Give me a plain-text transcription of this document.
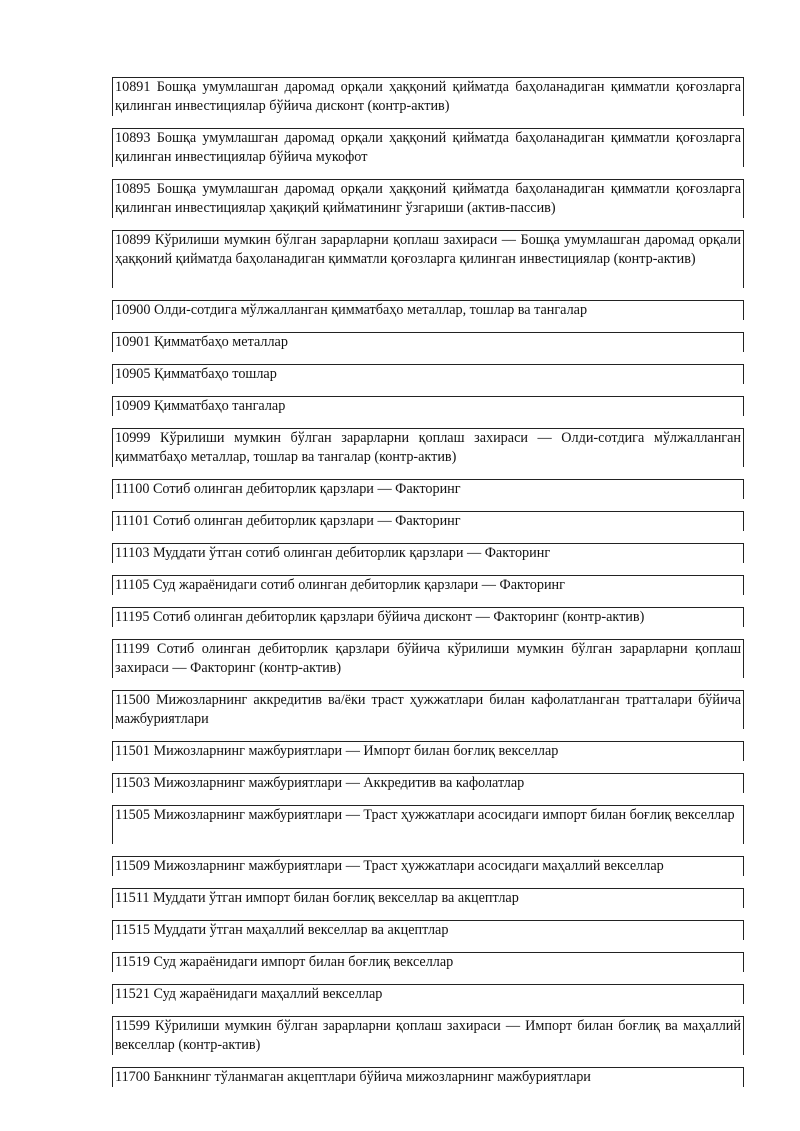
10891 Бошқа умумлашган даромад орқали ҳаққоний қийматда баҳоланадиган қимматли қоғозларга қилинган инвестициялар бўйича дисконт (контр-актив)
10893 Бошқа умумлашган даромад орқали ҳаққоний қийматда баҳоланадиган қимматли қоғозларга қилинган инвестициялар бўйича мукофот
10895 Бошқа умумлашган даромад орқали ҳаққоний қийматда баҳоланадиган қимматли қоғозларга қилинган инвестициялар ҳақиқий қийматининг ўзгариши (актив-пассив)
10899 Кўрилиши мумкин бўлган зарарларни қоплаш захираси — Бошқа умумлашган даромад орқали ҳаққоний қийматда баҳоланадиган қимматли қоғозларга қилинган инвестициялар (контр-актив)
10900 Олди-сотдига мўлжалланган қимматбаҳо металлар, тошлар ва тангалар
10901 Қимматбаҳо металлар
10905 Қимматбаҳо тошлар
10909 Қимматбаҳо тангалар
10999 Кўрилиши мумкин бўлган зарарларни қоплаш захираси — Олди-сотдига мўлжалланган қимматбаҳо металлар, тошлар ва тангалар (контр-актив)
11100 Сотиб олинган дебиторлик қарзлари — Факторинг
11101 Сотиб олинган дебиторлик қарзлари — Факторинг
11103 Муддати ўтган сотиб олинган дебиторлик қарзлари — Факторинг
11105 Суд жараёнидаги сотиб олинган дебиторлик қарзлари — Факторинг
11195 Сотиб олинган дебиторлик қарзлари бўйича дисконт — Факторинг (контр-актив)
11199 Сотиб олинган дебиторлик қарзлари бўйича кўрилиши мумкин бўлган зарарларни қоплаш захираси — Факторинг (контр-актив)
11500 Мижозларнинг аккредитив ва/ёки траст ҳужжатлари билан кафолатланган тратталари бўйича мажбуриятлари
11501 Мижозларнинг мажбуриятлари — Импорт билан боғлиқ векселлар
11503 Мижозларнинг мажбуриятлари — Аккредитив ва кафолатлар
11505 Мижозларнинг мажбуриятлари — Траст ҳужжатлари асосидаги импорт билан боғлиқ векселлар
11509 Мижозларнинг мажбуриятлари — Траст ҳужжатлари асосидаги маҳаллий векселлар
11511 Муддати ўтган импорт билан боғлиқ векселлар ва акцептлар
11515 Муддати ўтган маҳаллий векселлар ва акцептлар
11519 Суд жараёнидаги импорт билан боғлиқ векселлар
11521 Суд жараёнидаги маҳаллий векселлар
11599 Кўрилиши мумкин бўлган зарарларни қоплаш захираси — Импорт билан боғлиқ ва маҳаллий векселлар (контр-актив)
11700 Банкнинг тўланмаган акцептлари бўйича мижозларнинг мажбуриятлари
